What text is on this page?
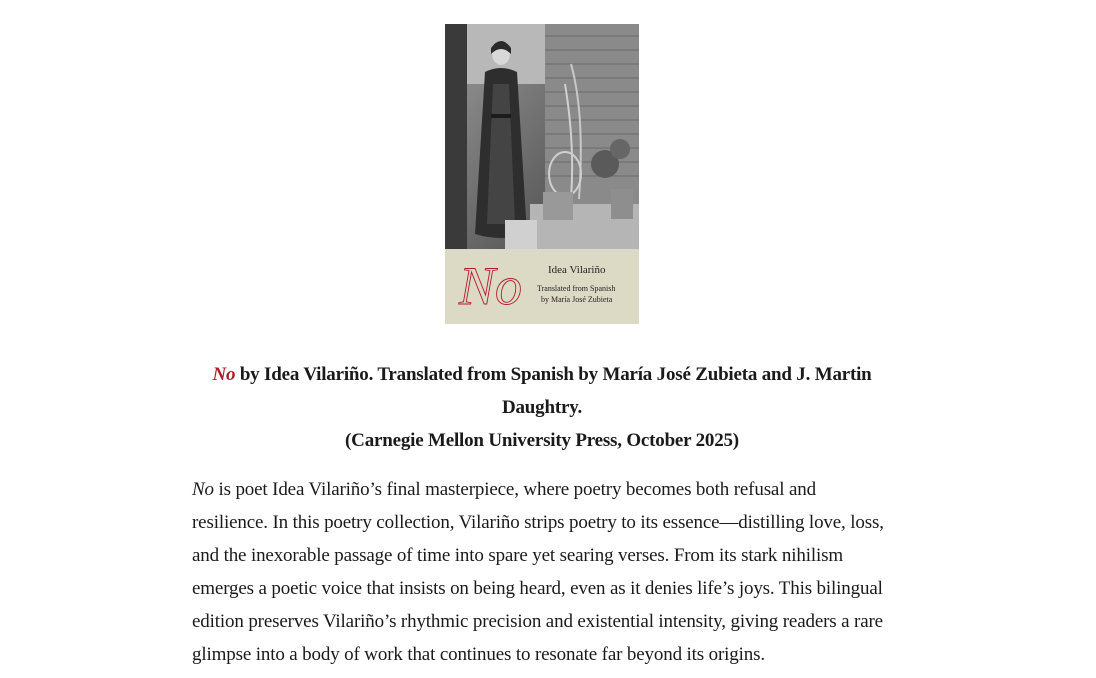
No Idea Vilariño
Translated from Spanish
by María José Zubieta
No by Idea Vilariño. Translated from Spanish by María José Zubieta and J. Martin Daughtry.
(Carnegie Mellon University Press, October 2025)

No is poet Idea Vilariño’s final masterpiece, where poetry becomes both refusal and resilience. In this poetry collection, Vilariño strips poetry to its essence—distilling love, loss, and the inexorable passage of time into spare yet searing verses. From its stark nihilism emerges a poetic voice that insists on being heard, even as it denies life’s joys. This bilingual edition preserves Vilariño’s rhythmic precision and existential intensity, giving readers a rare glimpse into a body of work that continues to resonate far beyond its origins.
